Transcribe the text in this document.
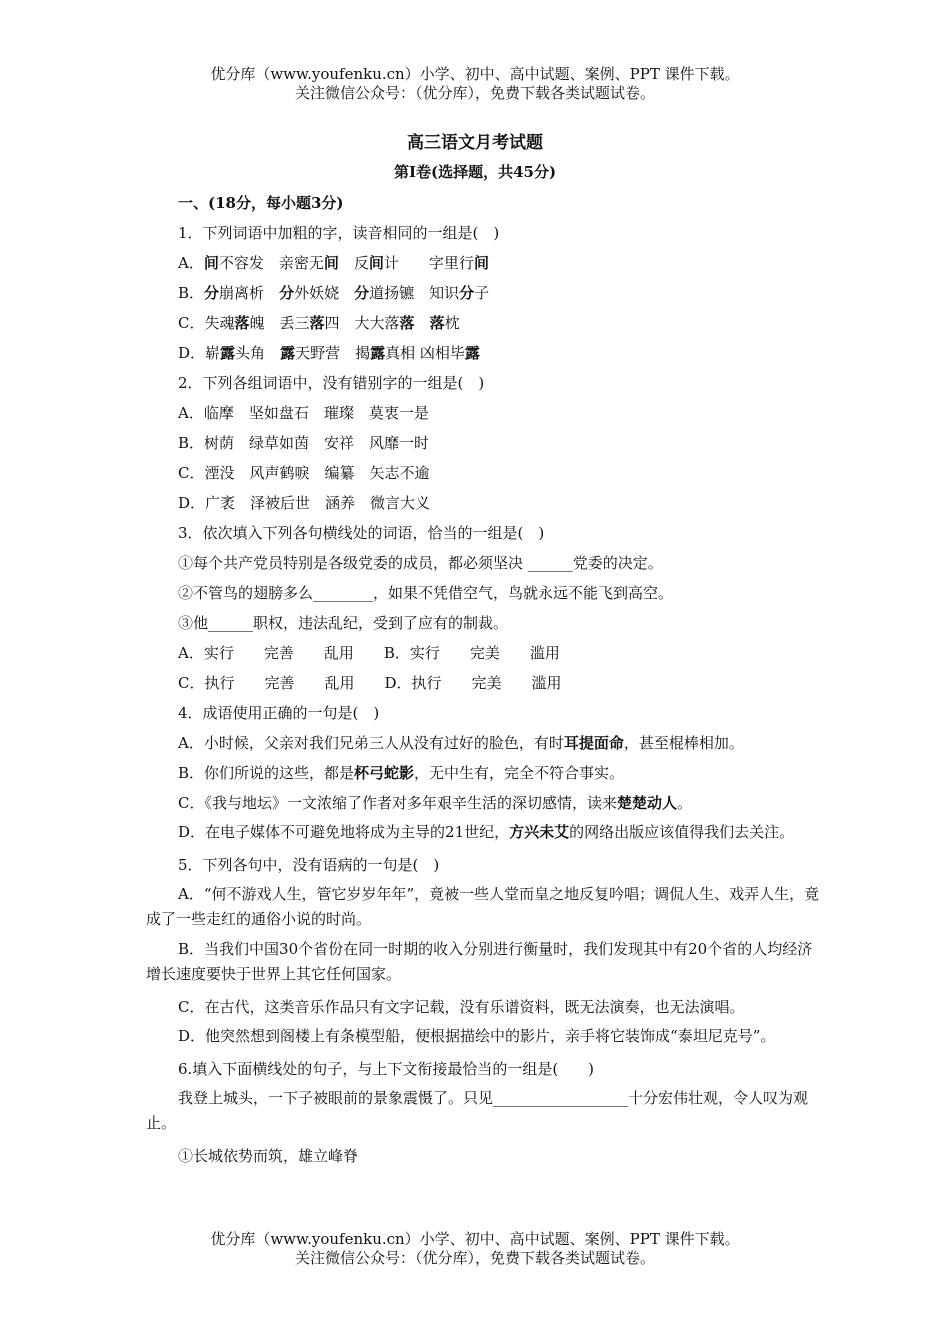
优分库（www.youfenku.cn）小学、初中、高中试题、案例、PPT 课件下载。
关注微信公众号：（优分库），免费下载各类试题试卷。
高三语文月考试题
第Ⅰ卷(选择题，共45分)
一、(18分，每小题3分)
1．下列词语中加粗的字，读音相同的一组是(　)
A．间不容发　亲密无间　反间计　　字里行间
B．分崩离析　分外妖娆　分道扬镳　知识分子
C．失魂落魄　丢三落四　大大落落　 落枕
D．崭露头角　露天野营　揭露真相 凶相毕露
2．下列各组词语中，没有错别字的一组是(　)
A．临摩　坚如盘石　璀璨　莫衷一是
B．树荫　绿草如茵　安祥　风靡一时
C．湮没　风声鹤唳　编纂　矢志不逾
D．广袤　泽被后世　涵养　微言大义
3．依次填入下列各句横线处的词语，恰当的一组是(　)
①每个共产党员特别是各级党委的成员，都必须坚决 ______党委的决定。
②不管鸟的翅膀多么________，如果不凭借空气，鸟就永远不能飞到高空。
③他______职权，违法乱纪，受到了应有的制裁。
A．实行　　完善　　乱用　　B．实行　　完美　　滥用
C．执行　　完善　　乱用　　D．执行　　完美　　滥用
4．成语使用正确的一句是(　)
A．小时候，父亲对我们兄弟三人从没有过好的脸色，有时耳提面命，甚至棍棒相加。
B．你们所说的这些，都是杯弓蛇影，无中生有，完全不符合事实。
C．《我与地坛》一文浓缩了作者对多年艰辛生活的深切感情，读来楚楚动人。
D．在电子媒体不可避免地将成为主导的21世纪，方兴未艾的网络出版应该值得我们去关注。
5．下列各句中，没有语病的一句是(　)
A．“何不游戏人生，管它岁岁年年”，竟被一些人堂而皇之地反复吟唱；调侃人生、戏弄人生，竟成了一些走红的通俗小说的时尚。
B．当我们中国30个省份在同一时期的收入分别进行衡量时，我们发现其中有20个省的人均经济增长速度要快于世界上其它任何国家。
C．在古代，这类音乐作品只有文字记载，没有乐谱资料，既无法演奏，也无法演唱。
D．他突然想到阁楼上有条模型船，便根据描绘中的影片，亲手将它装饰成“泰坦尼克号”。
6.填入下面横线处的句子，与上下文衔接最恰当的一组是(　　)
我登上城头，一下子被眼前的景象震慑了。只见__________________十分宏伟壮观，令人叹为观止。
①长城依势而筑，雄立峰脊
优分库（www.youfenku.cn）小学、初中、高中试题、案例、PPT 课件下载。
关注微信公众号：（优分库），免费下载各类试题试卷。
